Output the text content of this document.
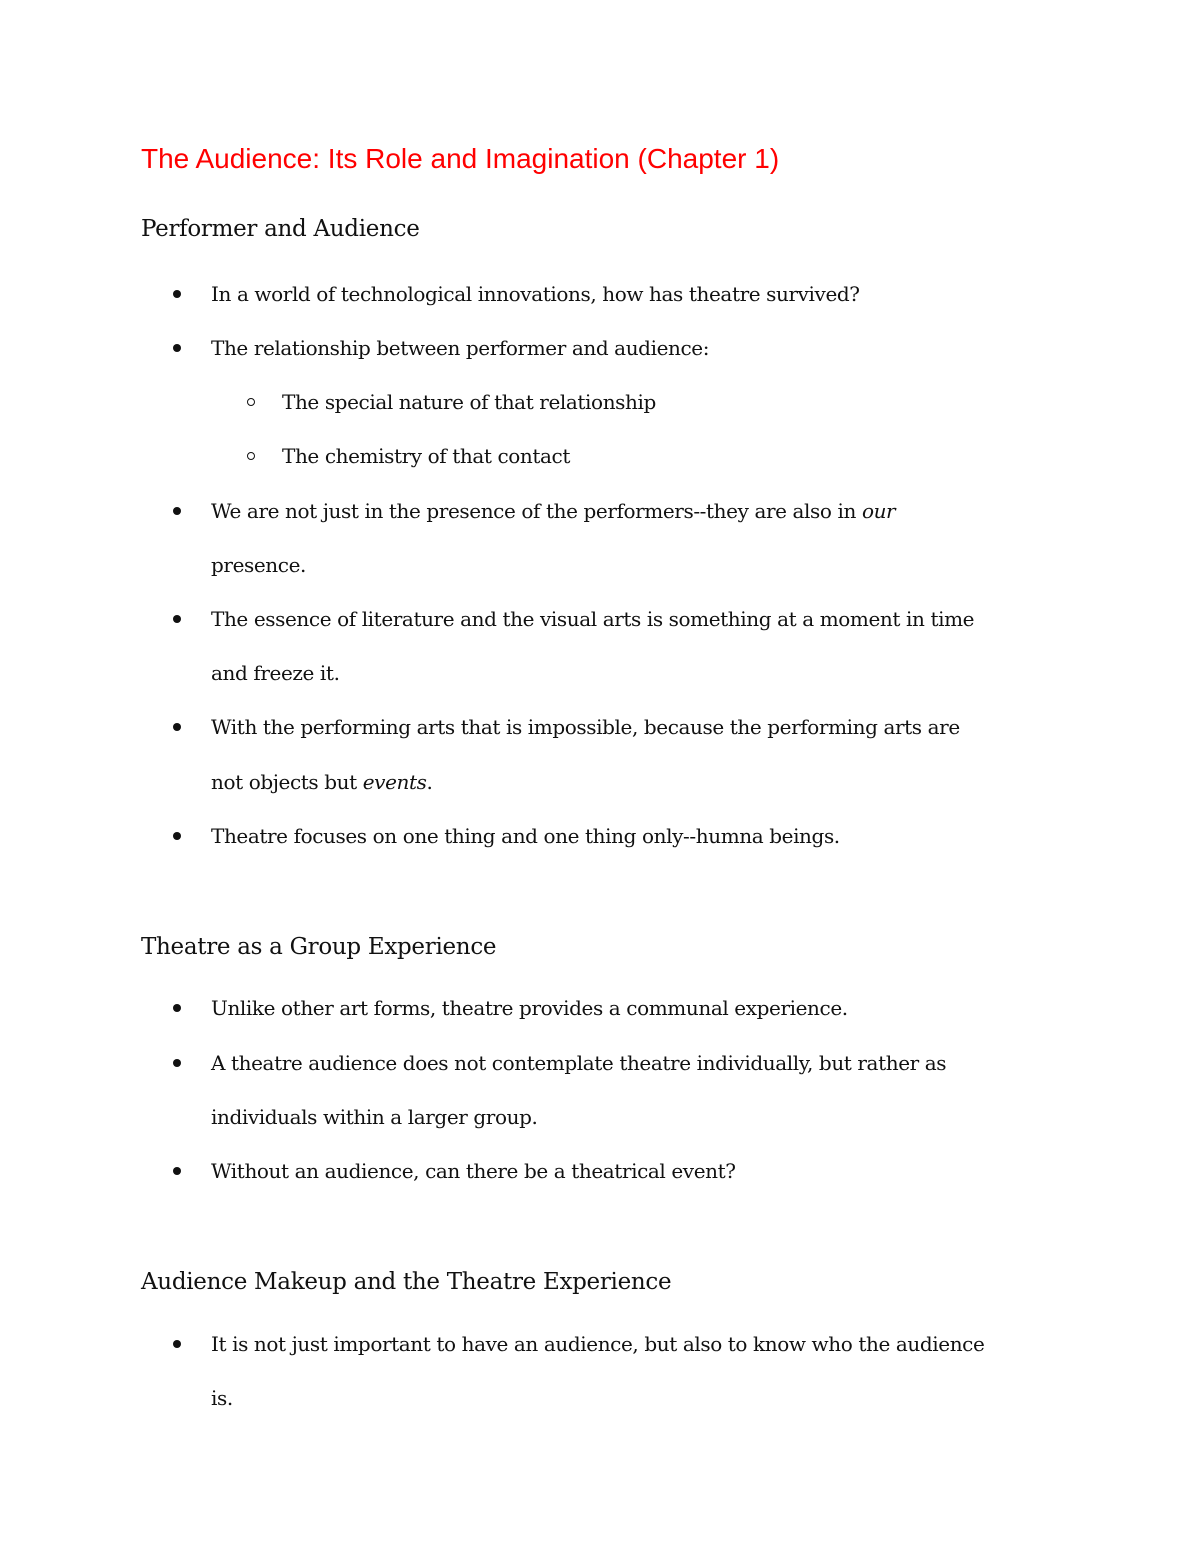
The Audience: Its Role and Imagination (Chapter 1)
Performer and Audience
In a world of technological innovations, how has theatre survived?
The relationship between performer and audience:
The special nature of that relationship
The chemistry of that contact
We are not just in the presence of the performers--they are also in our
presence.
The essence of literature and the visual arts is something at a moment in time
and freeze it.
With the performing arts that is impossible, because the performing arts are
not objects but events.
Theatre focuses on one thing and one thing only--humna beings.
Theatre as a Group Experience
Unlike other art forms, theatre provides a communal experience.
A theatre audience does not contemplate theatre individually, but rather as
individuals within a larger group.
Without an audience, can there be a theatrical event?
Audience Makeup and the Theatre Experience
It is not just important to have an audience, but also to know who the audience
is.
